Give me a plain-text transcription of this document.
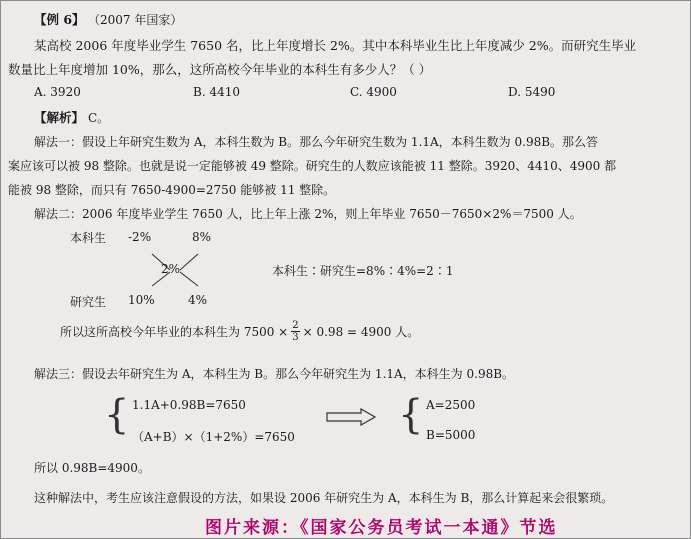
【例 6】 （2007 年国家）
某高校 2006 年度毕业学生 7650 名，比上年度增长 2%。其中本科毕业生比上年度减少 2%。而研究生毕业
数量比上年度增加 10%，那么，这所高校今年毕业的本科生有多少人？（ ）
A. 3920	B. 4410	C. 4900	D. 5490
【解析】 C。
解法一：假设上年研究生数为 A，本科生数为 B。那么今年研究生数为 1.1A，本科生数为 0.98B。那么答
案应该可以被 98 整除。也就是说一定能够被 49 整除。研究生的人数应该能被 11 整除。3920、4410、4900 都
能被 98 整除，而只有 7650-4900=2750 能够被 11 整除。
解法二：2006 年度毕业学生 7650 人，比上年上涨 2%，则上年毕业 7650－7650×2%＝7500 人。
本科生 -2%	8%
2%
研究生 10%	4%
本科生∶研究生=8%∶4%=2∶1
所以这所高校今年毕业的本科生为 $7500 \times \frac{2}{3} \times 0.98 = 4900$ 人。
解法三：假设去年研究生为 A，本科生为 B。那么今年研究生为 1.1A，本科生为 0.98B。
{ 1.1A+0.98B=7650
（A+B）×（1+2%）=7650	{ A=2500
B=5000
所以 0.98B=4900。
这种解法中，考生应该注意假设的方法，如果设 2006 年研究生为 A，本科生为 B，那么计算起来会很繁琐。
图片来源：《国家公务员考试一本通》节选
